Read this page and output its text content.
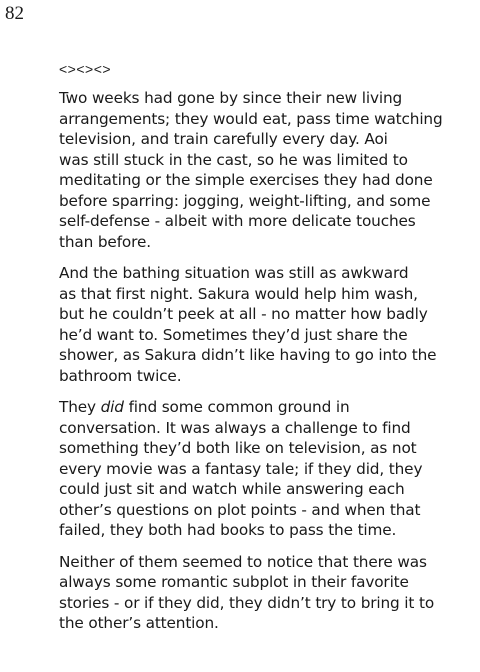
82
<><><>

Two weeks had gone by since their new living
arrangements; they would eat, pass time watching
television, and train carefully every day. Aoi
was still stuck in the cast, so he was limited to
meditating or the simple exercises they had done
before sparring: jogging, weight-lifting, and some
self-defense - albeit with more delicate touches
than before.

And the bathing situation was still as awkward
as that first night. Sakura would help him wash,
but he couldn’t peek at all - no matter how badly
he’d want to. Sometimes they’d just share the
shower, as Sakura didn’t like having to go into the
bathroom twice.

They did find some common ground in
conversation. It was always a challenge to find
something they’d both like on television, as not
every movie was a fantasy tale; if they did, they
could just sit and watch while answering each
other’s questions on plot points - and when that
failed, they both had books to pass the time.

Neither of them seemed to notice that there was
always some romantic subplot in their favorite
stories - or if they did, they didn’t try to bring it to
the other’s attention.
